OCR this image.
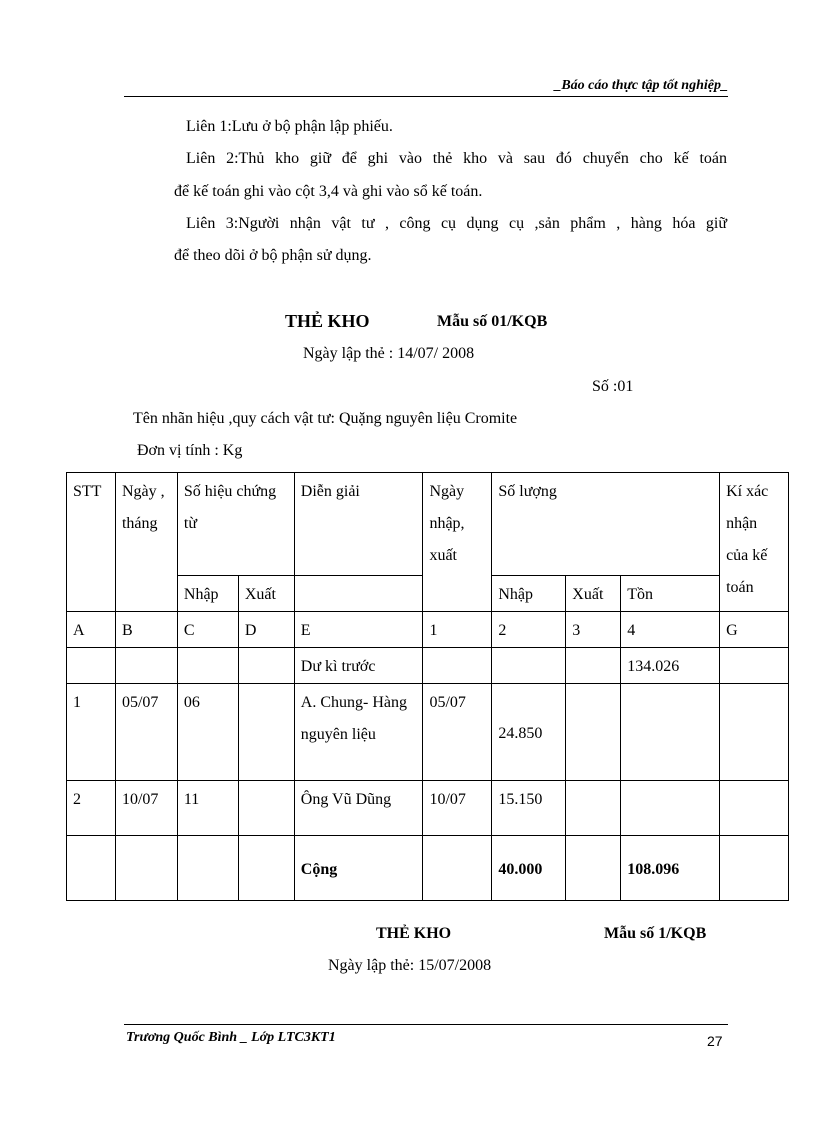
_Báo cáo thực tập tốt nghiệp_
Liên 1:Lưu ở bộ phận lập phiếu.
Liên 2:Thủ kho giữ để ghi vào thẻ kho và sau đó chuyển cho kế toán
để kế toán ghi vào cột 3,4 và ghi vào sổ kế toán.
Liên 3:Người nhận vật tư , công cụ dụng cụ ,sản phẩm , hàng hóa giữ
để theo dõi ở bộ phận sử dụng.
THẺ KHO	Mẫu số 01/KQB
Ngày lập thẻ : 14/07/ 2008
Số :01
Tên nhãn hiệu ,quy cách vật tư: Quặng nguyên liệu Cromite
Đơn vị tính : Kg
STT	Ngày , tháng	Số hiệu chứng từ		Diễn giải	Ngày nhập, xuất	Số lượng			Kí xác nhận của kế toán
		Nhập	Xuất			Nhập	Xuất	Tồn	
A	B	C	D	E	1	2	3	4	G
				Dư kì trước				134.026	
1	05/07	06		A. Chung- Hàng nguyên liệu	05/07	24.850			
2	10/07	11		Ông Vũ Dũng	10/07	15.150			
				Cộng		40.000		108.096	
THẺ KHO	Mẫu số 1/KQB
Ngày lập thẻ: 15/07/2008
Trương Quốc Bình _ Lớp LTC3KT1	27
